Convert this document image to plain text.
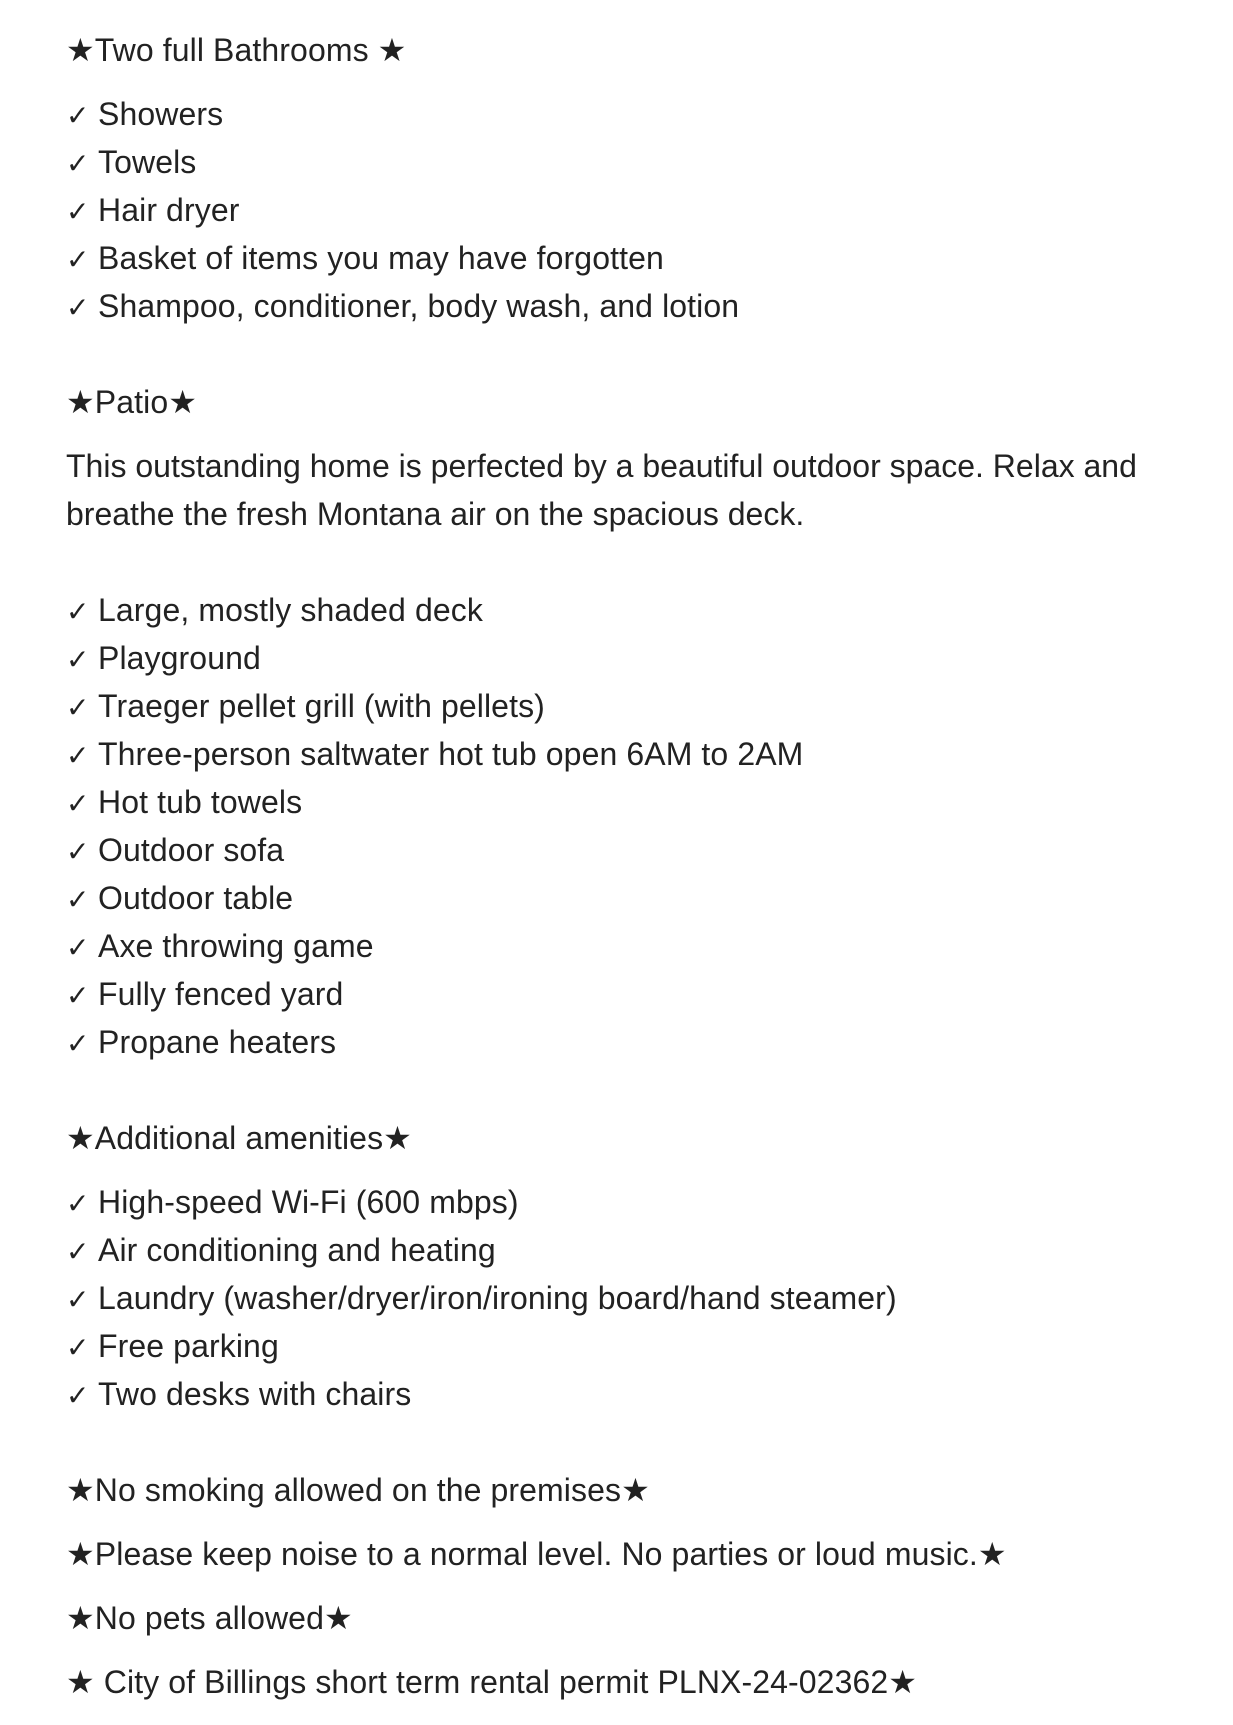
★Two full Bathrooms ★
✓ Showers
✓ Towels
✓ Hair dryer
✓ Basket of items you may have forgotten
✓ Shampoo, conditioner, body wash, and lotion
★Patio★
This outstanding home is perfected by a beautiful outdoor space. Relax and breathe the fresh Montana air on the spacious deck.
✓ Large, mostly shaded deck
✓ Playground
✓ Traeger pellet grill (with pellets)
✓ Three-person saltwater hot tub open 6AM to 2AM
✓ Hot tub towels
✓ Outdoor sofa
✓ Outdoor table
✓ Axe throwing game
✓ Fully fenced yard
✓ Propane heaters
★Additional amenities★
✓ High-speed Wi-Fi (600 mbps)
✓ Air conditioning and heating
✓ Laundry (washer/dryer/iron/ironing board/hand steamer)
✓ Free parking
✓ Two desks with chairs
★No smoking allowed on the premises★
★Please keep noise to a normal level. No parties or loud music.★
★No pets allowed★
★ City of Billings short term rental permit PLNX-24-02362★
